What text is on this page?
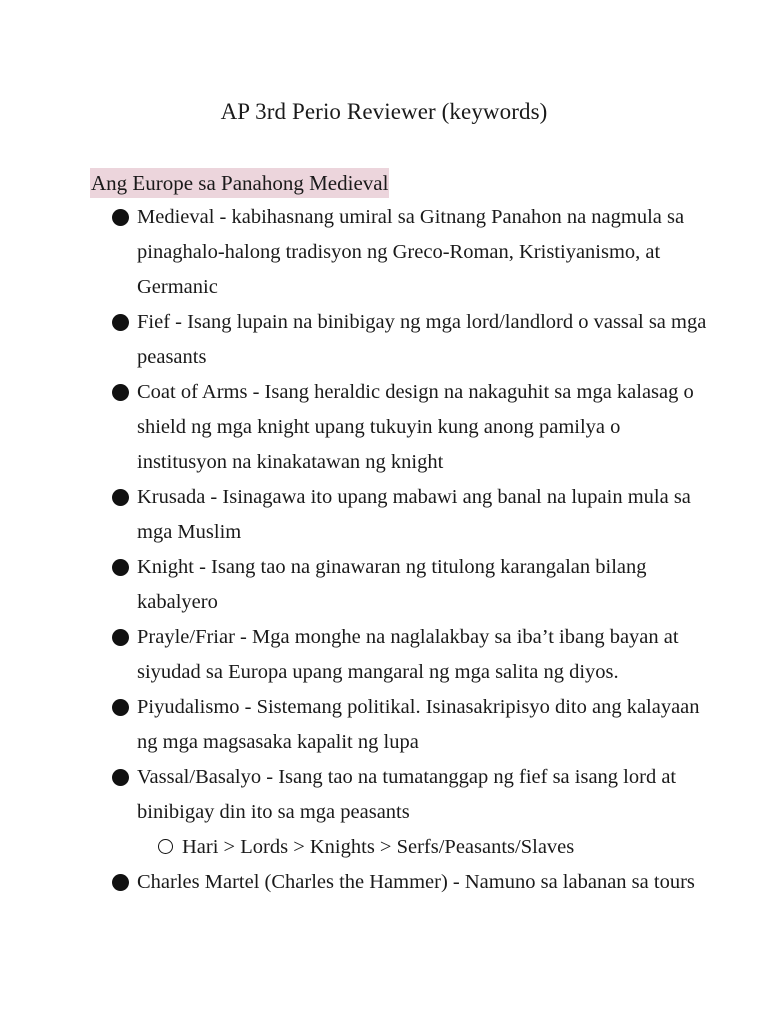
AP 3rd Perio Reviewer (keywords)
Ang Europe sa Panahong Medieval
Medieval - kabihasnang umiral sa Gitnang Panahon na nagmula sa pinaghalo-halong tradisyon ng Greco-Roman, Kristiyanismo, at Germanic
Fief - Isang lupain na binibigay ng mga lord/landlord o vassal sa mga peasants
Coat of Arms - Isang heraldic design na nakaguhit sa mga kalasag o shield ng mga knight upang tukuyin kung anong pamilya o institusyon na kinakatawan ng knight
Krusada - Isinagawa ito upang mabawi ang banal na lupain mula sa mga Muslim
Knight - Isang tao na ginawaran ng titulong karangalan bilang kabalyero
Prayle/Friar - Mga monghe na naglalakbay sa iba’t ibang bayan at siyudad sa Europa upang mangaral ng mga salita ng diyos.
Piyudalismo - Sistemang politikal. Isinasakripisyo dito ang kalayaan ng mga magsasaka kapalit ng lupa
Vassal/Basalyo - Isang tao na tumatanggap ng fief sa isang lord at binibigay din ito sa mga peasants
Hari > Lords > Knights > Serfs/Peasants/Slaves
Charles Martel (Charles the Hammer) - Namuno sa labanan sa tours
